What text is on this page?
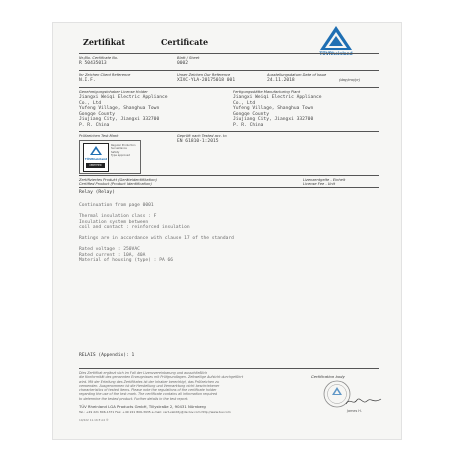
Zertifikat	Certificate
TÜVRheinland
Nr./No. Certificate No.
R 50435013
Blatt / Sheet
0002
Ihr Zeichen Client Reference
N.I.F.
Unser Zeichen Our Reference
XIXC-YLA-20175018 001
Ausstellungsdatum Date of Issue
24.11.2018	(day/mo/yr)
Genehmigungsinhaber License Holder
Jiangxi Weiqi Electric Appliance
Co., Ltd
Yufeng Village, Shanghua Town
Gongqe County
Jiujiang City, Jiangxi 332700
P. R. China
Fertigungsstätte Manufacturing Plant
Jiangxi Weiqi Electric Appliance
Co., Ltd
Yufeng Village, Shanghua Town
Gongqe County
Jiujiang City, Jiangxi 332700
P. R. China
Prüfzeichen Test Mark
TÜVRheinland
CERTIFIED
Regular Production
Surveillance
Safety
Type approved
Geprüft nach Tested acc. to
EN 61810-1:2015
Zertifiziertes Produkt (Geräteidentifikation)
Certified Product (Product Identification)
Lizenzentgelte - Einheit
License Fee - Unit
Relay (Relay)
Continuation from page 0001
Thermal insulation class : F
Insulation system between
coil and contact : reinforced insulation
Ratings are in accordance with clause 17 of the standard
Rated voltage : 250VAC
Rated current : 10A, 40A
Material of housing (type) : PA 66
RELAIS (Appendix): 1
Dies Zertifikat ergänzt sich im Fall der Lizenzvereinbarung und ausschließlich
die Konformität des genannten Erzeugnisses mit Prüfgrundlagen. Zeitweilige Aufsicht durchgeführt
wird. Mit der Erteilung des Zertifikates ist der Inhaber berechtigt, das Prüfzeichen zu
verwenden. Ausgenommen ist die Herstellung und Vermarktung nicht beschriebener
characteristics of tested items. Please note the regulations of the certificate holder
regarding the use of the test mark. The certificate contains all information required
to determine the tested product. Further details in the test report.
Certification body
James H.
TÜV Rheinland LGA Products GmbH, Tillystraße 2, 90431 Nürnberg
Tel.: +49 221 806-1371 Fax: +49 221 806-3935 e-mail: cert-validity@de.tuv.com http://www.tuv.com
10/222 11.16 E A4 ®
